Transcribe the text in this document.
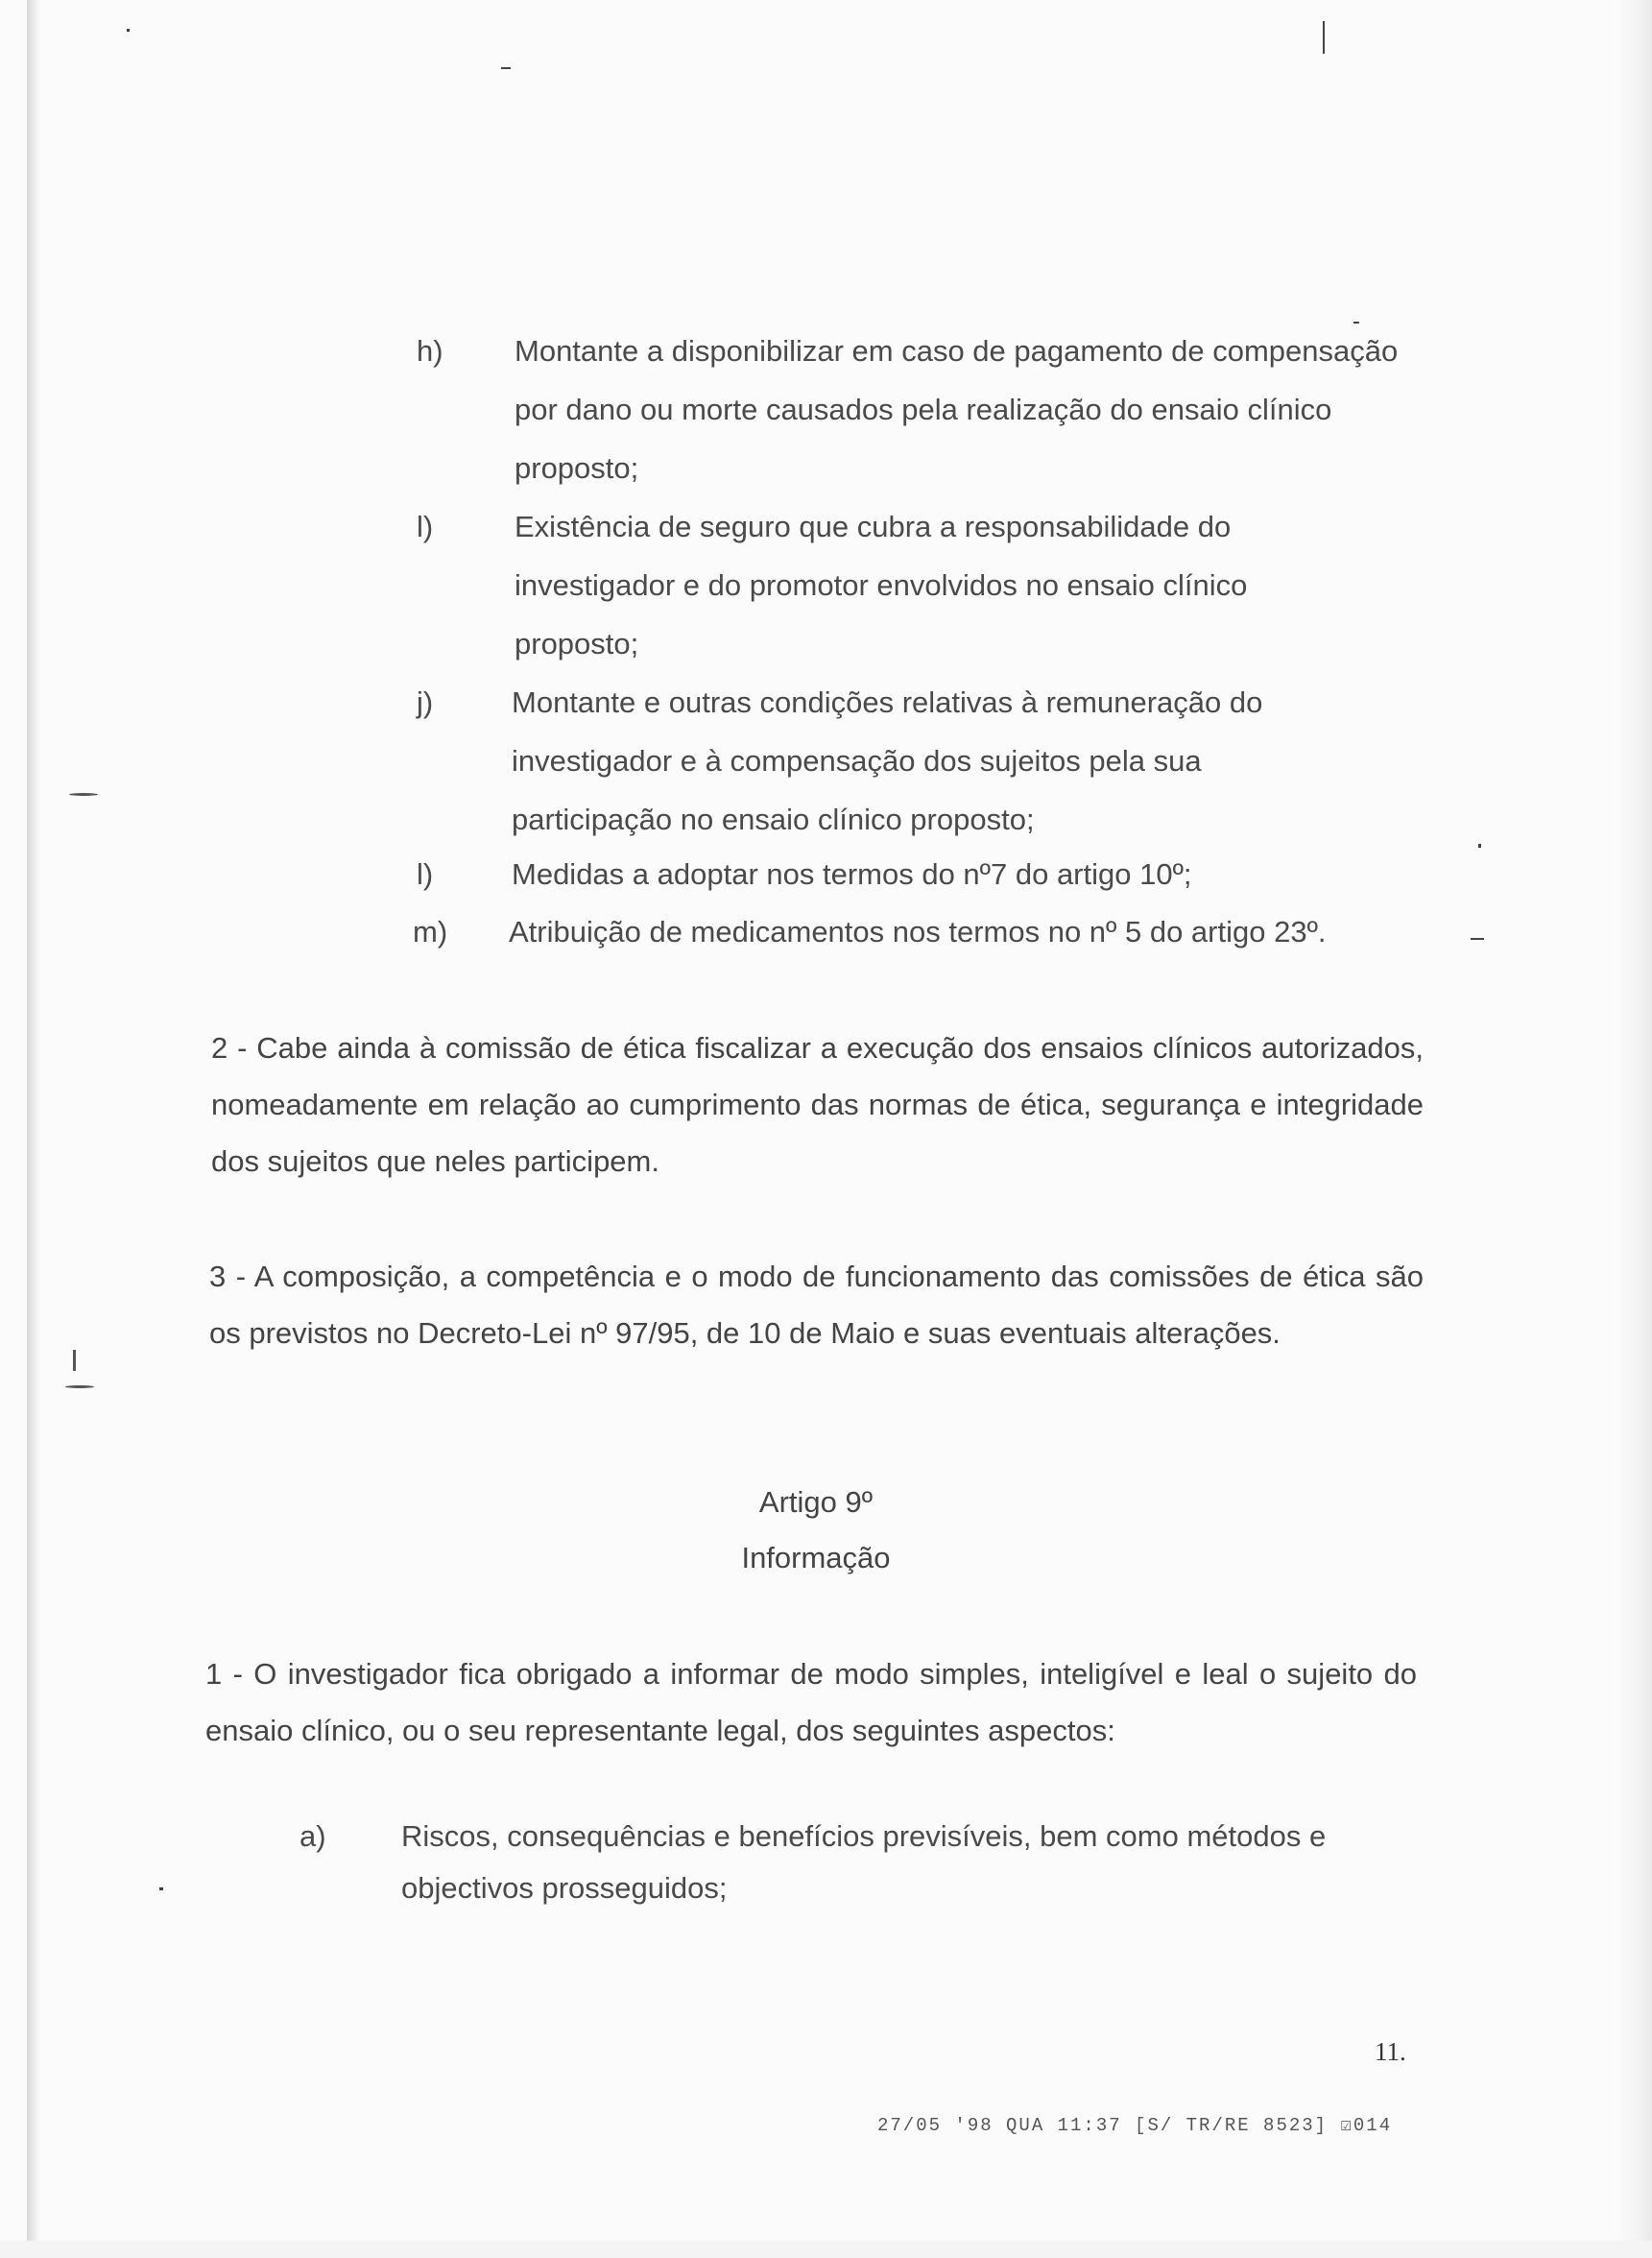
h) Montante a disponibilizar em caso de pagamento de compensação por dano ou morte causados pela realização do ensaio clínico proposto;
l)	Existência de seguro que cubra a responsabilidade do investigador e do promotor envolvidos no ensaio clínico proposto;
j)	Montante e outras condições relativas à remuneração do investigador e à compensação dos sujeitos pela sua participação no ensaio clínico proposto;
l)	Medidas a adoptar nos termos do nº7 do artigo 10º;
m) Atribuição de medicamentos nos termos no nº 5 do artigo 23º.
2 - Cabe ainda à comissão de ética fiscalizar a execução dos ensaios clínicos autorizados, nomeadamente em relação ao cumprimento das normas de ética, segurança e integridade dos sujeitos que neles participem.
3 - A composição, a competência e o modo de funcionamento das comissões de ética são os previstos no Decreto-Lei nº 97/95, de 10 de Maio e suas eventuais alterações.
Artigo 9º
Informação
1 - O investigador fica obrigado a informar de modo simples, inteligível e leal o sujeito do ensaio clínico, ou o seu representante legal, dos seguintes aspectos:
a)	Riscos, consequências e benefícios previsíveis, bem como métodos e objectivos prosseguidos;
11.
27/05 '98 QUA 11:37 [S/ TR/RE 8523] ☑014
